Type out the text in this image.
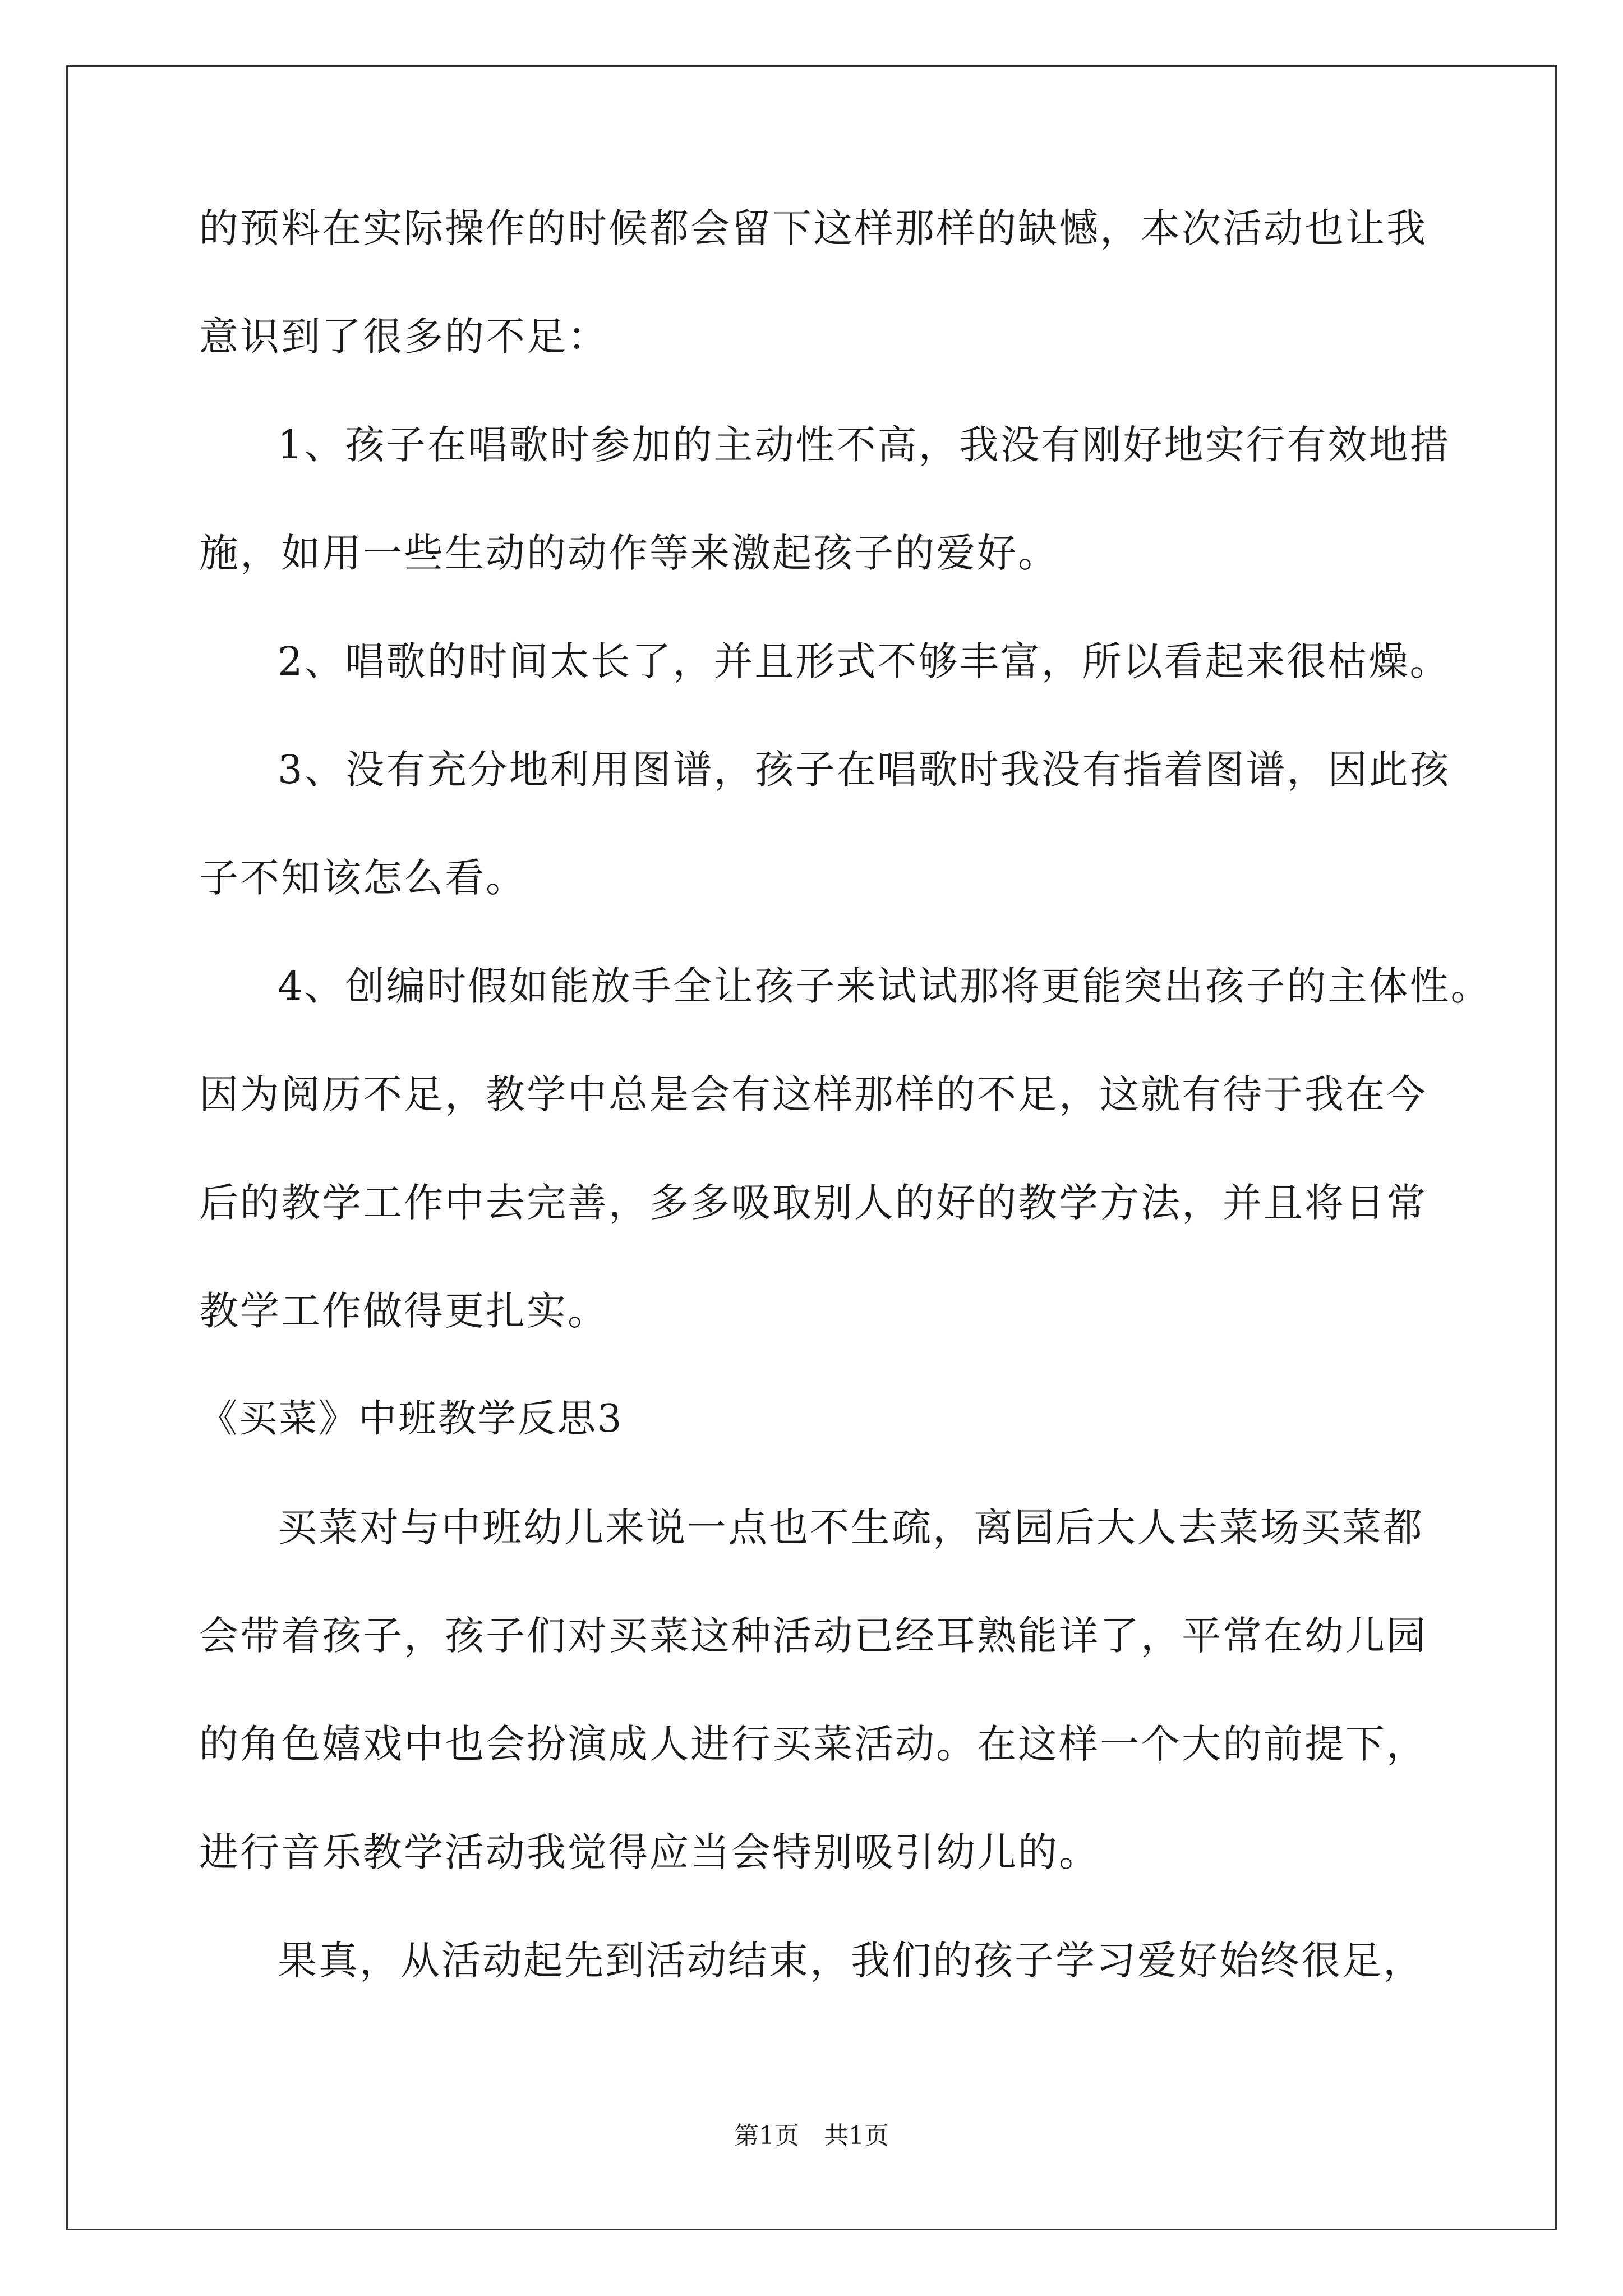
的预料在实际操作的时候都会留下这样那样的缺憾，本次活动也让我
意识到了很多的不足：
1、孩子在唱歌时参加的主动性不高，我没有刚好地实行有效地措
施，如用一些生动的动作等来激起孩子的爱好。
2、唱歌的时间太长了，并且形式不够丰富，所以看起来很枯燥。
3、没有充分地利用图谱，孩子在唱歌时我没有指着图谱，因此孩
子不知该怎么看。
4、创编时假如能放手全让孩子来试试那将更能突出孩子的主体性。
因为阅历不足，教学中总是会有这样那样的不足，这就有待于我在今
后的教学工作中去完善，多多吸取别人的好的教学方法，并且将日常
教学工作做得更扎实。
《买菜》中班教学反思3
买菜对与中班幼儿来说一点也不生疏，离园后大人去菜场买菜都
会带着孩子，孩子们对买菜这种活动已经耳熟能详了，平常在幼儿园
的角色嬉戏中也会扮演成人进行买菜活动。在这样一个大的前提下，
进行音乐教学活动我觉得应当会特别吸引幼儿的。
果真，从活动起先到活动结束，我们的孩子学习爱好始终很足，
第1页　共1页
